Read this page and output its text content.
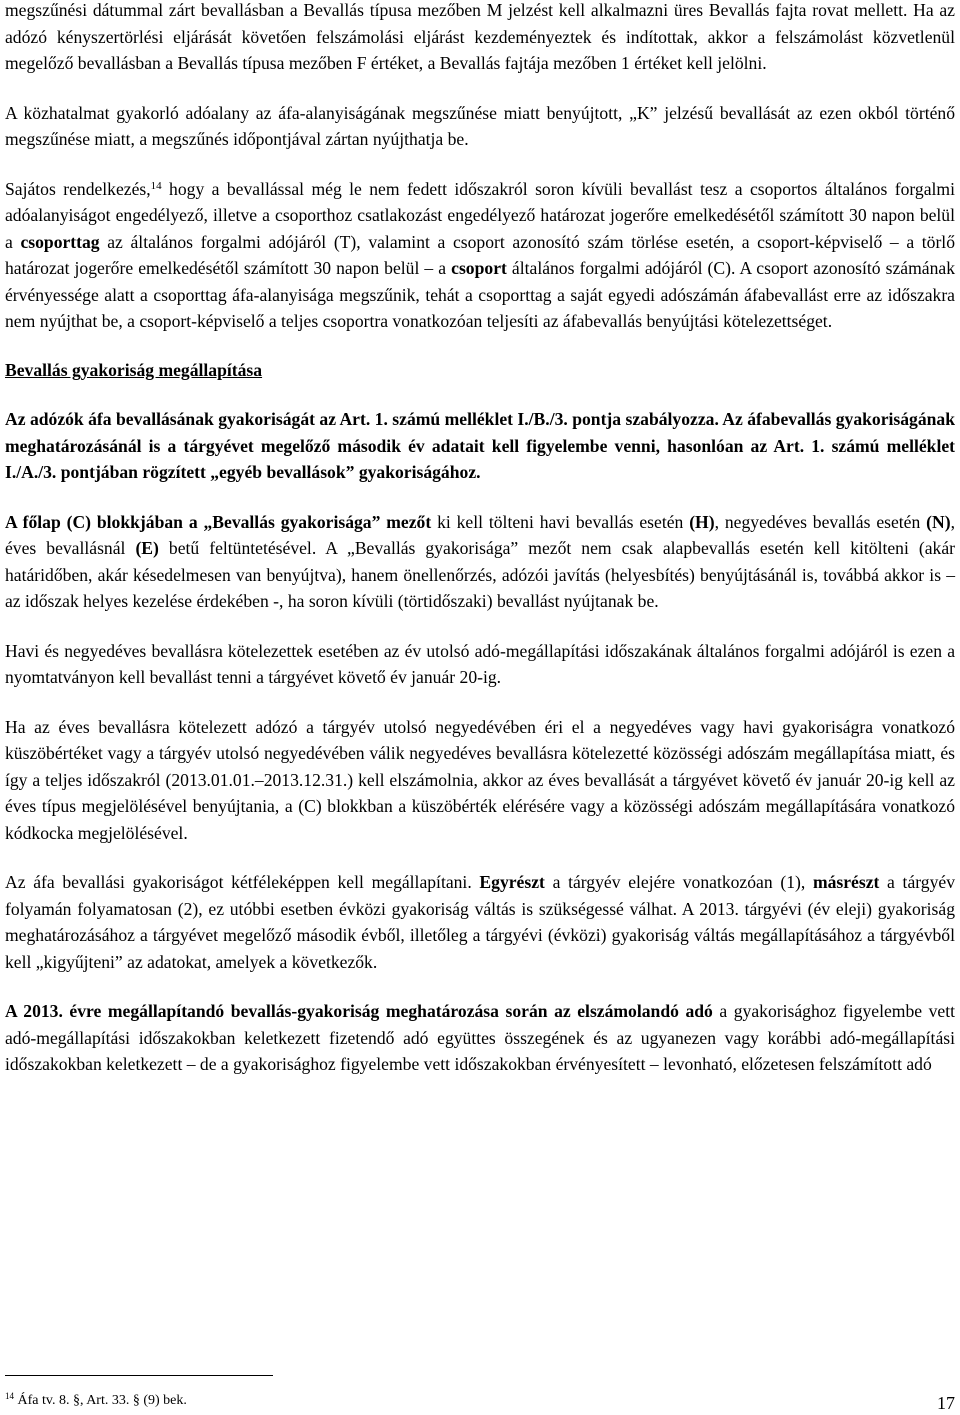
megszűnési dátummal zárt bevallásban a Bevallás típusa mezőben M jelzést kell alkalmazni üres Bevallás fajta rovat mellett. Ha az adózó kényszertörlési eljárását követően felszámolási eljárást kezdeményeztek és indítottak, akkor a felszámolást közvetlenül megelőző bevallásban a Bevallás típusa mezőben F értéket, a Bevallás fajtája mezőben 1 értéket kell jelölni.

A közhatalmat gyakorló adóalany az áfa-alanyiságának megszűnése miatt benyújtott, „K” jelzésű bevallását az ezen okból történő megszűnése miatt, a megszűnés időpontjával zártan nyújthatja be.

Sajátos rendelkezés,$^{14}$ hogy a bevallással még le nem fedett időszakról soron kívüli bevallást tesz a csoportos általános forgalmi adóalanyiságot engedélyező, illetve a csoporthoz csatlakozást engedélyező határozat jogerőre emelkedésétől számított 30 napon belül a csoporttag az általános forgalmi adójáról (T), valamint a csoport azonosító szám törlése esetén, a csoport-képviselő – a törlő határozat jogerőre emelkedésétől számított 30 napon belül – a csoport általános forgalmi adójáról (C). A csoport azonosító számának érvényessége alatt a csoporttag áfa-alanyisága megszűnik, tehát a csoporttag a saját egyedi adószámán áfabevallást erre az időszakra nem nyújthat be, a csoport-képviselő a teljes csoportra vonatkozóan teljesíti az áfabevallás benyújtási kötelezettséget.

Bevallás gyakoriság megállapítása

Az adózók áfa bevallásának gyakoriságát az Art. 1. számú melléklet I./B./3. pontja szabályozza. Az áfabevallás gyakoriságának meghatározásánál is a tárgyévet megelőző második év adatait kell figyelembe venni, hasonlóan az Art. 1. számú melléklet I./A./3. pontjában rögzített „egyéb bevallások” gyakoriságához.

A főlap (C) blokkjában a „Bevallás gyakorisága” mezőt ki kell tölteni havi bevallás esetén (H), negyedéves bevallás esetén (N), éves bevallásnál (E) betű feltüntetésével. A „Bevallás gyakorisága” mezőt nem csak alapbevallás esetén kell kitölteni (akár határidőben, akár késedelmesen van benyújtva), hanem önellenőrzés, adózói javítás (helyesbítés) benyújtásánál is, továbbá akkor is – az időszak helyes kezelése érdekében -, ha soron kívüli (törtidőszaki) bevallást nyújtanak be.

Havi és negyedéves bevallásra kötelezettek esetében az év utolsó adó-megállapítási időszakának általános forgalmi adójáról is ezen a nyomtatványon kell bevallást tenni a tárgyévet követő év január 20-ig.

Ha az éves bevallásra kötelezett adózó a tárgyév utolsó negyedévében éri el a negyedéves vagy havi gyakoriságra vonatkozó küszöbértéket vagy a tárgyév utolsó negyedévében válik negyedéves bevallásra kötelezetté közösségi adószám megállapítása miatt, és így a teljes időszakról (2013.01.01.–2013.12.31.) kell elszámolnia, akkor az éves bevallását a tárgyévet követő év január 20-ig kell az éves típus megjelölésével benyújtania, a (C) blokkban a küszöbérték elérésére vagy a közösségi adószám megállapítására vonatkozó kódkocka megjelölésével.

Az áfa bevallási gyakoriságot kétféleképpen kell megállapítani. Egyrészt a tárgyév elejére vonatkozóan (1), másrészt a tárgyév folyamán folyamatosan (2), ez utóbbi esetben évközi gyakoriság váltás is szükségessé válhat. A 2013. tárgyévi (év eleji) gyakoriság meghatározásához a tárgyévet megelőző második évből, illetőleg a tárgyévi (évközi) gyakoriság váltás megállapításához a tárgyévből kell „kigyűjteni” az adatokat, amelyek a következők.

A 2013. évre megállapítandó bevallás-gyakoriság meghatározása során az elszámolandó adó a gyakorisághoz figyelembe vett adó-megállapítási időszakokban keletkezett fizetendő adó együttes összegének és az ugyanezen vagy korábbi adó-megállapítási időszakokban keletkezett – de a gyakorisághoz figyelembe vett időszakokban érvényesített – levonható, előzetesen felszámított adó

$^{14}$ Áfa tv. 8. §, Art. 33. § (9) bek.	17
